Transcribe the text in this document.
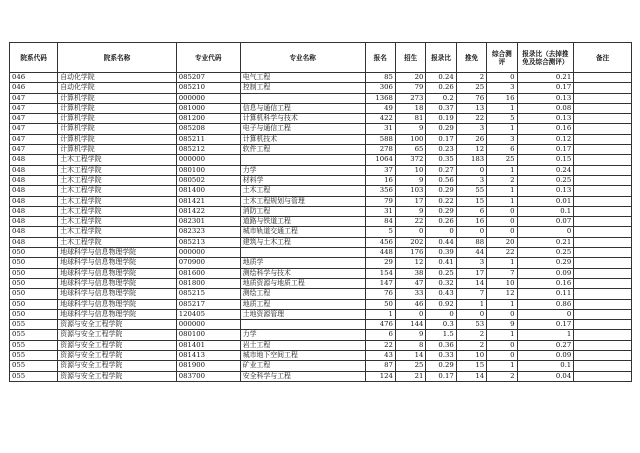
院系代码	院系名称	专业代码	专业名称	报名	招生	报录比	推免	综合测评	报录比（去掉推免及综合测评）	备注
046	自动化学院	085207	电气工程	85	20	0.24	2	0	0.21	
046	自动化学院	085210	控制工程	306	79	0.26	25	3	0.17	
047	计算机学院	000000		1368	273	0.2	76	16	0.13	
047	计算机学院	081000	信息与通信工程	49	18	0.37	13	1	0.08	
047	计算机学院	081200	计算机科学与技术	422	81	0.19	22	5	0.13	
047	计算机学院	085208	电子与通信工程	31	9	0.29	3	1	0.16	
047	计算机学院	085211	计算机技术	588	100	0.17	26	3	0.12	
047	计算机学院	085212	软件工程	278	65	0.23	12	6	0.17	
048	土木工程学院	000000		1064	372	0.35	183	25	0.15	
048	土木工程学院	080100	力学	37	10	0.27	0	1	0.24	
048	土木工程学院	080502	材料学	16	9	0.56	3	2	0.25	
048	土木工程学院	081400	土木工程	356	103	0.29	55	1	0.13	
048	土木工程学院	081421	土木工程规划与管理	79	17	0.22	15	1	0.01	
048	土木工程学院	081422	消防工程	31	9	0.29	6	0	0.1	
048	土木工程学院	082301	道路与铁道工程	84	22	0.26	16	0	0.07	
048	土木工程学院	082323	城市轨道交通工程	5	0	0	0	0	0	
048	土木工程学院	085213	建筑与土木工程	456	202	0.44	88	20	0.21	
050	地球科学与信息物理学院	000000		448	176	0.39	44	22	0.25	
050	地球科学与信息物理学院	070900	地质学	29	12	0.41	3	1	0.29	
050	地球科学与信息物理学院	081600	测绘科学与技术	154	38	0.25	17	7	0.09	
050	地球科学与信息物理学院	081800	地质资源与地质工程	147	47	0.32	14	10	0.16	
050	地球科学与信息物理学院	085215	测绘工程	76	33	0.43	7	12	0.11	
050	地球科学与信息物理学院	085217	地质工程	50	46	0.92	1	1	0.86	
050	地球科学与信息物理学院	120405	土地资源管理	1	0	0	0	0	0	
055	资源与安全工程学院	000000		476	144	0.3	53	9	0.17	
055	资源与安全工程学院	080100	力学	6	9	1.5	2	1	1	
055	资源与安全工程学院	081401	岩土工程	22	8	0.36	2	0	0.27	
055	资源与安全工程学院	081413	城市地下空间工程	43	14	0.33	10	0	0.09	
055	资源与安全工程学院	081900	矿业工程	87	25	0.29	15	1	0.1	
055	资源与安全工程学院	083700	安全科学与工程	124	21	0.17	14	2	0.04	
